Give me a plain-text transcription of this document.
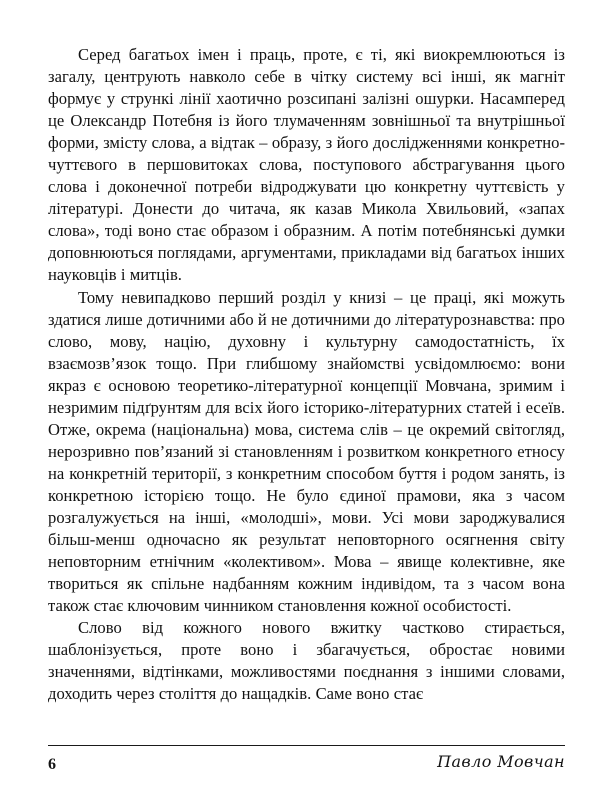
Серед багатьох імен і праць, проте, є ті, які виокремлюються із загалу, центрують навколо себе в чітку систему всі інші, як магніт формує у стрункі лінії хаотично розсипані залізні ошурки. Насамперед це Олександр Потебня із його тлумаченням зовнішньої та внутрішньої форми, змісту слова, а відтак – образу, з його дослідженнями конкретно-чуттєвого в першовитоках слова, поступового абстрагування цього слова і доконечної потреби відроджувати цю конкретну чуттєвість у літературі. Донести до читача, як казав Микола Хвильовий, «запах слова», тоді воно стає образом і образним. А потім потебнянські думки доповнюються поглядами, аргументами, прикладами від багатьох інших науковців і митців.

Тому невипадково перший розділ у книзі – це праці, які можуть здатися лише дотичними або й не дотичними до літературознавства: про слово, мову, націю, духовну і культурну самодостатність, їх взаємозв’язок тощо. При глибшому знайомстві усвідомлюємо: вони якраз є основою теоретико-літературної концепції Мовчана, зримим і незримим підґрунтям для всіх його історико-літературних статей і есеїв. Отже, окрема (національна) мова, система слів – це окремий світогляд, нерозривно пов’язаний зі становленням і розвитком конкретного етносу на конкретній території, з конкретним способом буття і родом занять, із конкретною історією тощо. Не було єдиної прамови, яка з часом розгалужується на інші, «молодші», мови. Усі мови зароджувалися більш-менш одночасно як результат неповторного осягнення світу неповторним етнічним «колективом». Мова – явище колективне, яке твориться як спільне надбанням кожним індивідом, та з часом вона також стає ключовим чинником становлення кожної особистості.

Слово від кожного нового вжитку частково стирається, шаблонізується, проте воно і збагачується, обростає новими значеннями, відтінками, можливостями поєднання з іншими словами, доходить через століття до нащадків. Саме воно стає

6	Павло Мовчан
